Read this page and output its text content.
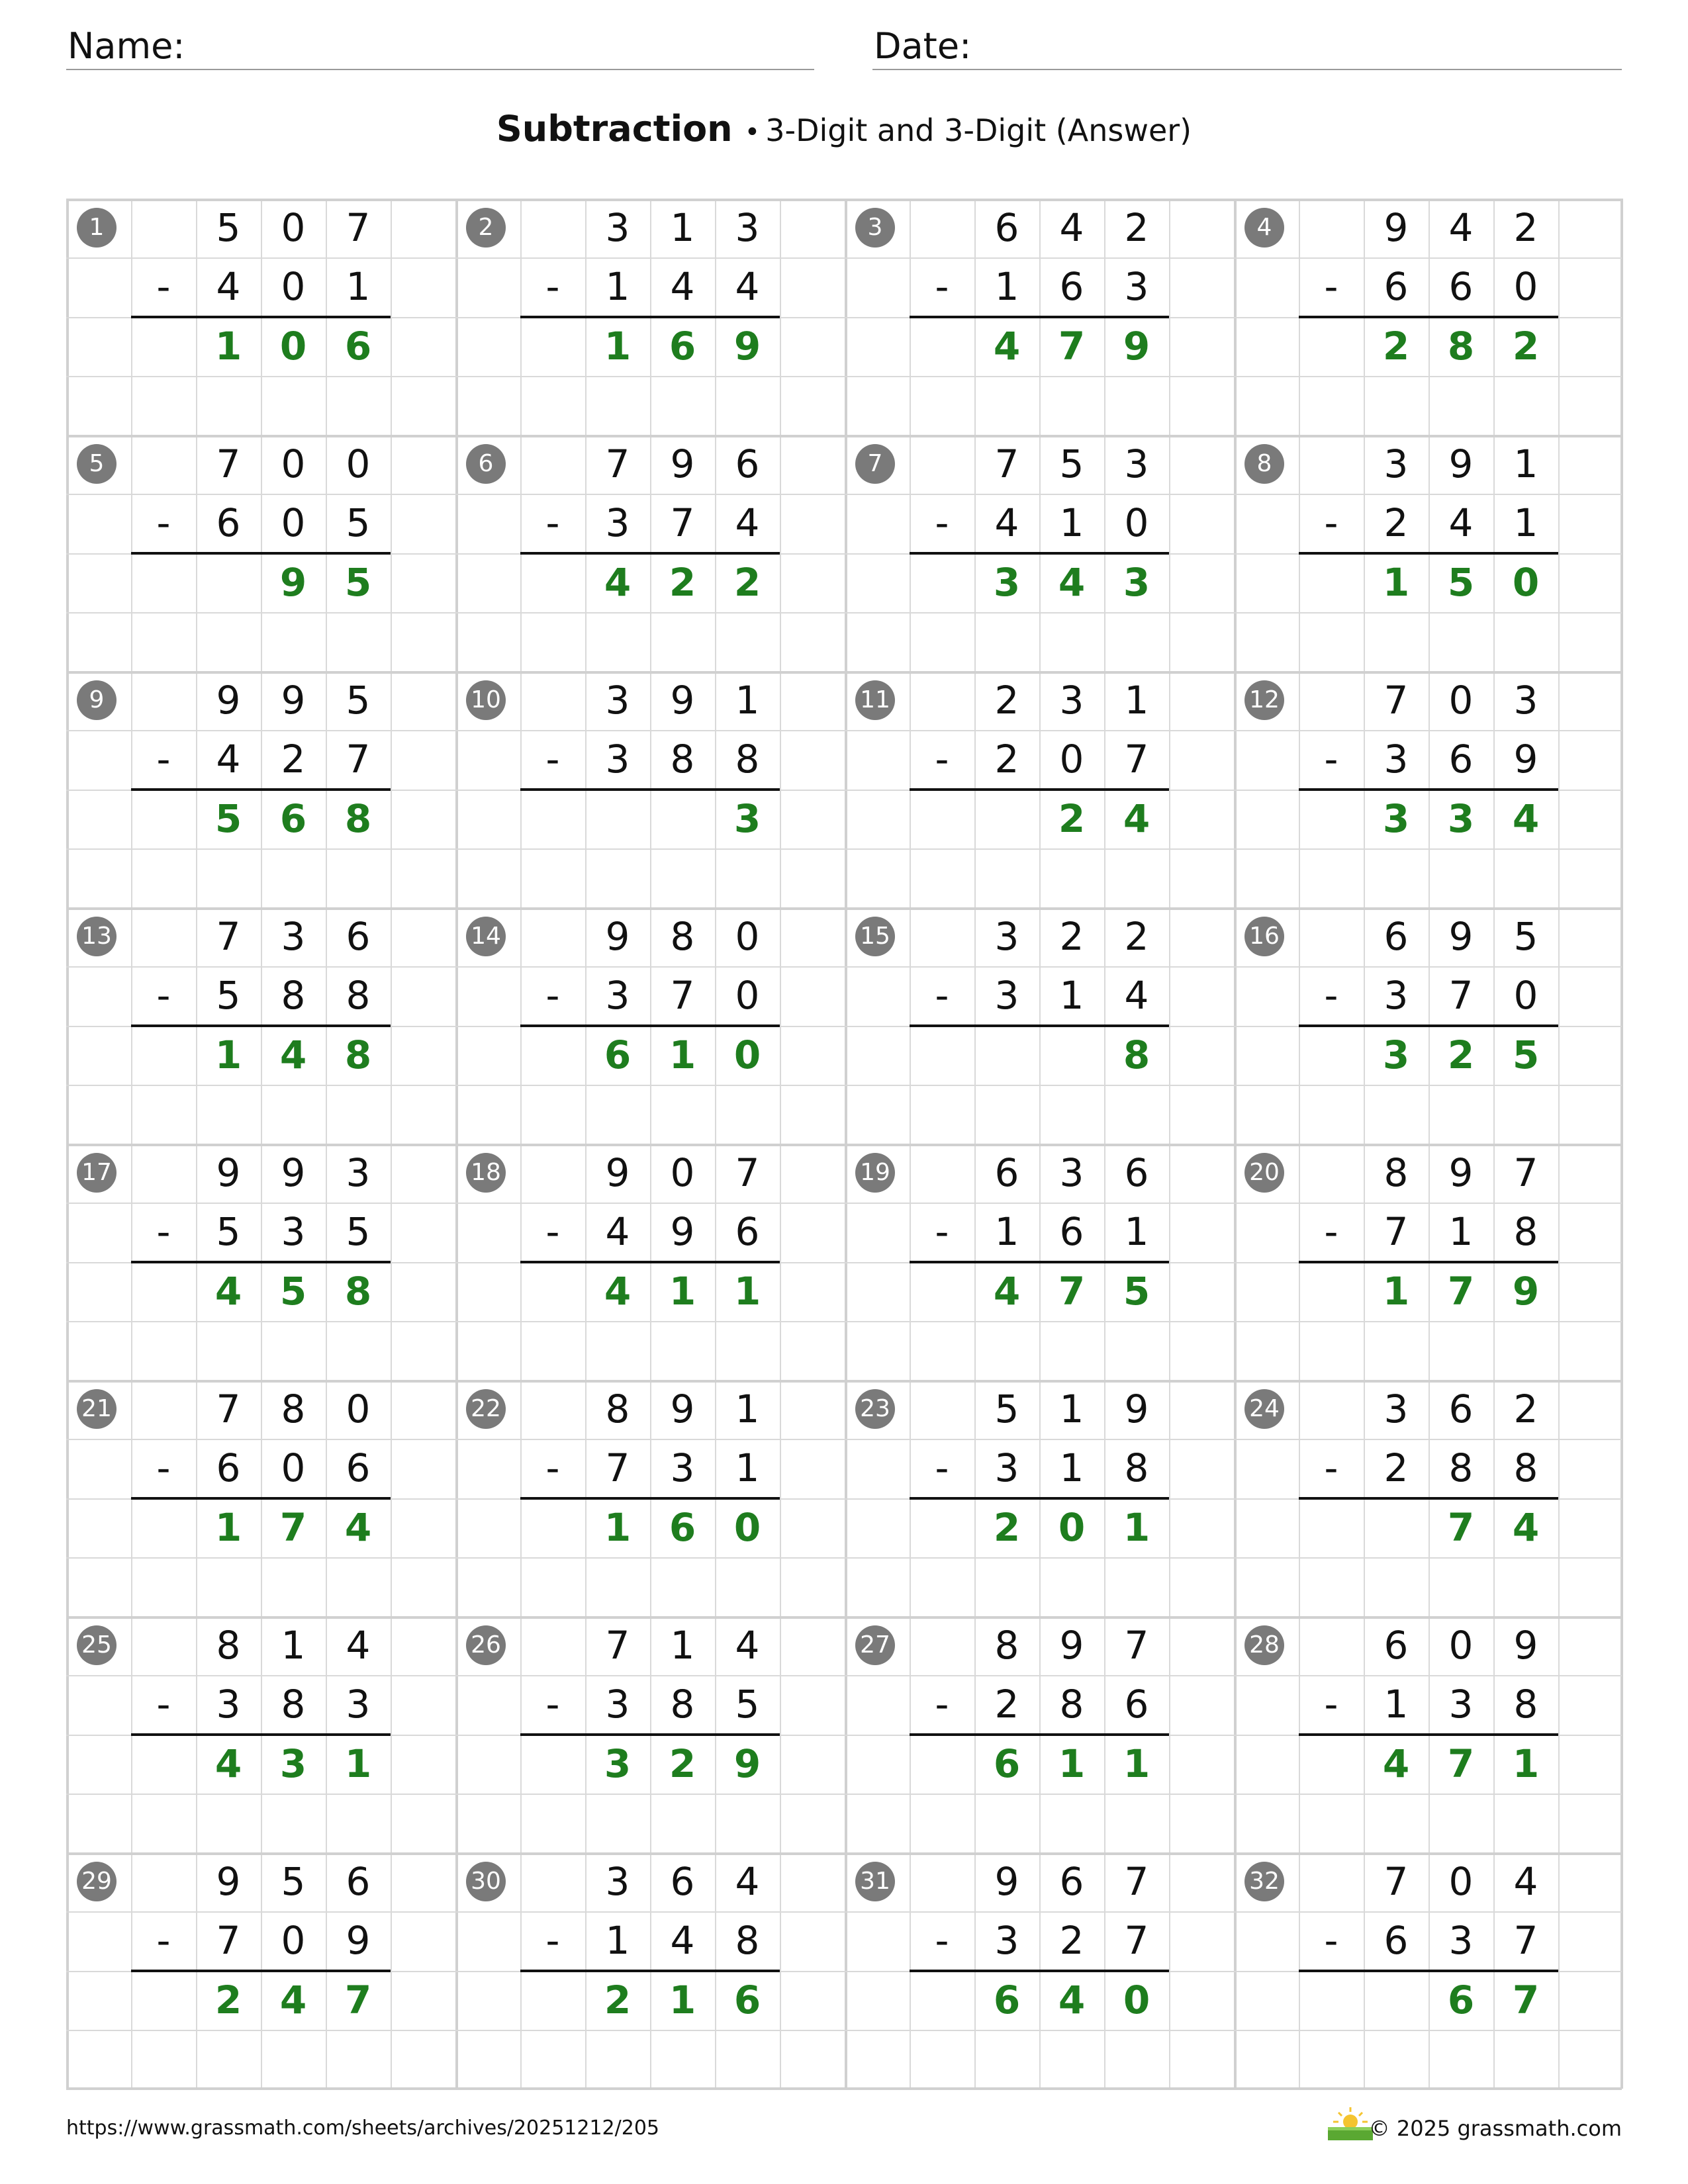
Name:	Date:
Subtraction • 3-Digit and 3-Digit (Answer)
1	5	0	7
-	4	0	1
1 0 6
2	3	1	3
-	1	4	4
1 6 9
3	6	4	2
-	1	6	3
4 7 9
4	9	4	2
-	6	6	0
2 8 2
5	7	0	0
-	6	0	5
9 5
6	7	9	6
-	3	7	4
4 2 2
7	7	5	3
-	4	1	0
3 4 3
8	3	9	1
-	2	4	1
1 5 0
9	9	9	5
-	4	2	7
5 6 8
10	3	9	1
-	3	8	8
3
11	2	3	1
-	2	0	7
2 4
12	7	0	3
-	3	6	9
3 3 4
13	7	3	6
-	5	8	8
1 4 8
14	9	8	0
-	3	7	0
6 1 0
15	3	2	2
-	3	1	4
8
16	6	9	5
-	3	7	0
3 2 5
17	9	9	3
-	5	3	5
4 5 8
18	9	0	7
-	4	9	6
4 1 1
19	6	3	6
-	1	6	1
4 7 5
20	8	9	7
-	7	1	8
1 7 9
21	7	8	0
-	6	0	6
1 7 4
22	8	9	1
-	7	3	1
1 6 0
23	5	1	9
-	3	1	8
2 0 1
24	3	6	2
-	2	8	8
7 4
25	8	1	4
-	3	8	3
4 3 1
26	7	1	4
-	3	8	5
3 2 9
27	8	9	7
-	2	8	6
6 1 1
28	6	0	9
-	1	3	8
4 7 1
29	9	5	6
-	7	0	9
2 4 7
30	3	6	4
-	1	4	8
2 1 6
31	9	6	7
-	3	2	7
6 4 0
32	7	0	4
-	6	3	7
6 7
https://www.grassmath.com/sheets/archives/20251212/205	© 2025 grassmath.com
